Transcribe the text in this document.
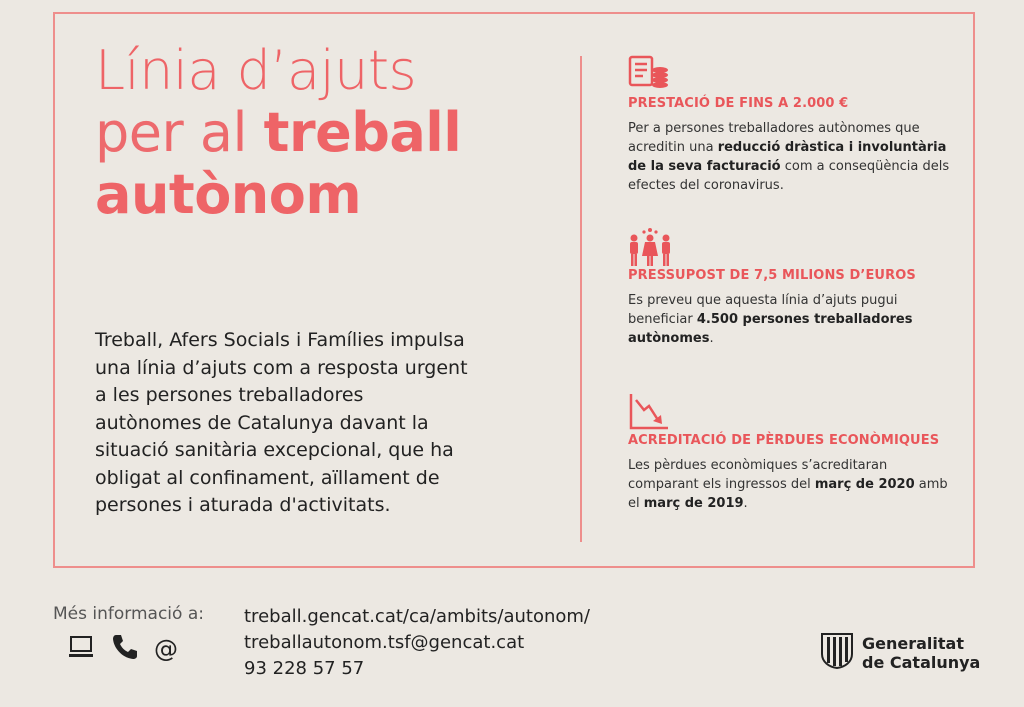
Línia d’ajuts
per al treball
autònom
Treball, Afers Socials i Famílies impulsa una línia d’ajuts com a resposta urgent a les persones treballadores autònomes de Catalunya davant la situació sanitària excepcional, que ha obligat al confinament, aïllament de persones i aturada d'activitats.
PRESTACIÓ DE FINS A 2.000 €

Per a persones treballadores autònomes que acreditin una reducció dràstica i involuntària de la seva facturació com a conseqüència dels efectes del coronavirus.

PRESSUPOST DE 7,5 MILIONS D’EUROS

Es preveu que aquesta línia d’ajuts pugui beneficiar 4.500 persones treballadores autònomes.

ACREDITACIÓ DE PÈRDUES ECONÒMIQUES

Les pèrdues econòmiques s’acreditaran comparant els ingressos del març de 2020 amb el març de 2019.

Més informació a:
@
treball.gencat.cat/ca/ambits/autonom/
treballautonom.tsf@gencat.cat
93 228 57 57
Generalitat
de Catalunya
